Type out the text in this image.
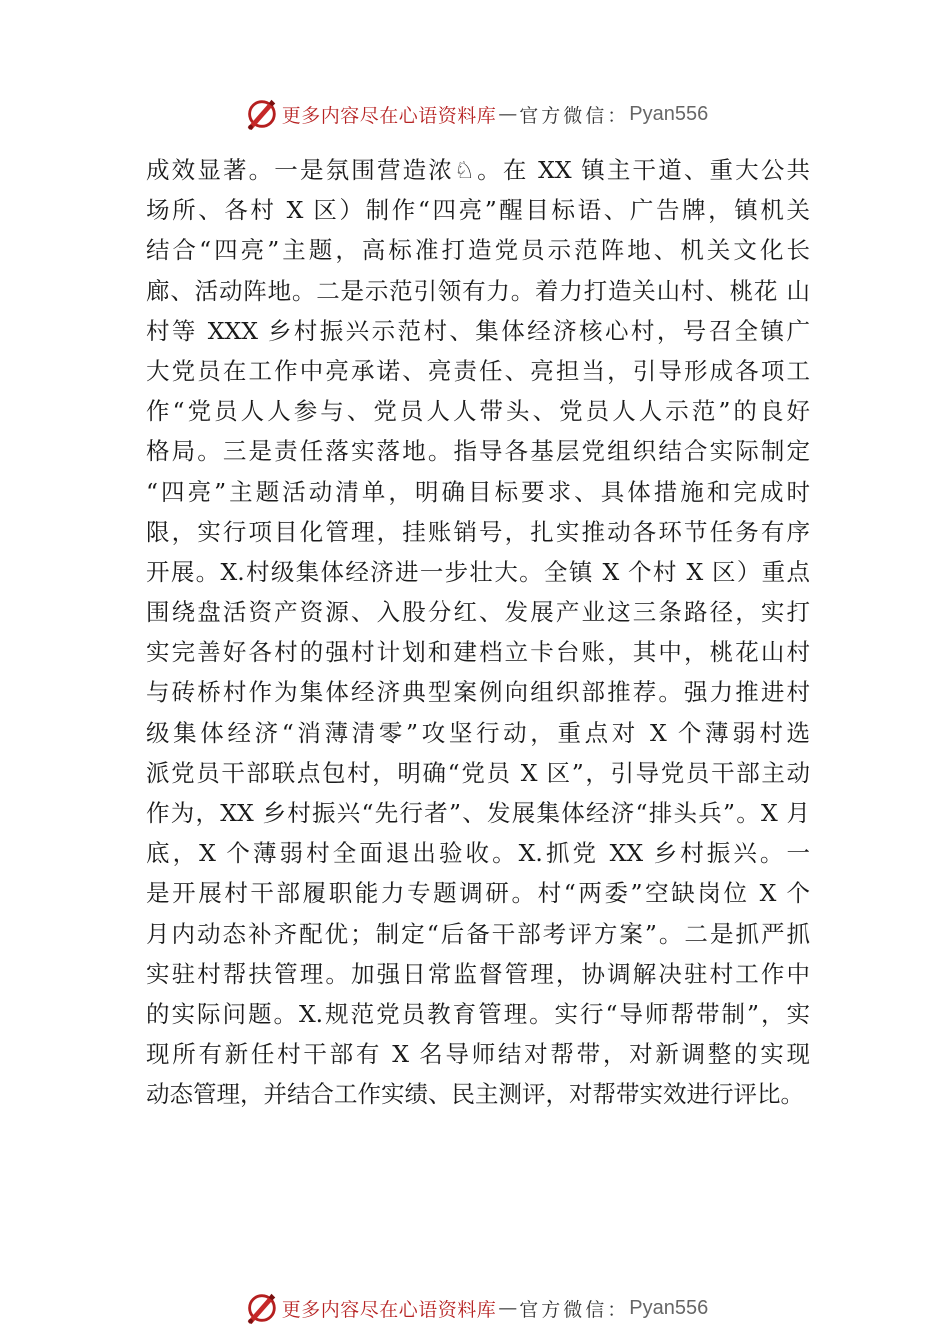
更多内容尽在心语资料库 — 官方微信： Pyan556
成效显著。一是氛围营造浓♘。在 XX 镇主干道、重大公共
场所、各村 X 区）制作“四亮”醒目标语、广告牌，镇机关
结合“四亮”主题，高标准打造党员示范阵地、机关文化长
廊、活动阵地。二是示范引领有力。着力打造关山村、桃花 山
村等 XXX 乡村振兴示范村、集体经济核心村，号召全镇广
大党员在工作中亮承诺、亮责任、亮担当，引导形成各项工
作“党员人人参与、党员人人带头、党员人人示范”的良好
格局。三是责任落实落地。指导各基层党组织结合实际制定
“四亮”主题活动清单，明确目标要求、具体措施和完成时
限，实行项目化管理，挂账销号，扎实推动各环节任务有序
开展。X.村级集体经济进一步壮大。全镇 X 个村 X 区）重点
围绕盘活资产资源、入股分红、发展产业这三条路径，实打
实完善好各村的强村计划和建档立卡台账，其中，桃花山村
与砖桥村作为集体经济典型案例向组织部推荐。强力推进村
级集体经济“消薄清零”攻坚行动，重点对 X 个薄弱村选
派党员干部联点包村，明确“党员 X 区”，引导党员干部主动
作为，XX 乡村振兴“先行者”、发展集体经济“排头兵”。X 月
底，X 个薄弱村全面退出验收。X.抓党 XX 乡村振兴。一
是开展村干部履职能力专题调研。村“两委”空缺岗位 X 个
月内动态补齐配优；制定“后备干部考评方案”。二是抓严抓
实驻村帮扶管理。加强日常监督管理，协调解决驻村工作中
的实际问题。X.规范党员教育管理。实行“导师帮带制”，实
现所有新任村干部有 X 名导师结对帮带，对新调整的实现
动态管理，并结合工作实绩、民主测评，对帮带实效进行评比。
更多内容尽在心语资料库 — 官方微信： Pyan556
